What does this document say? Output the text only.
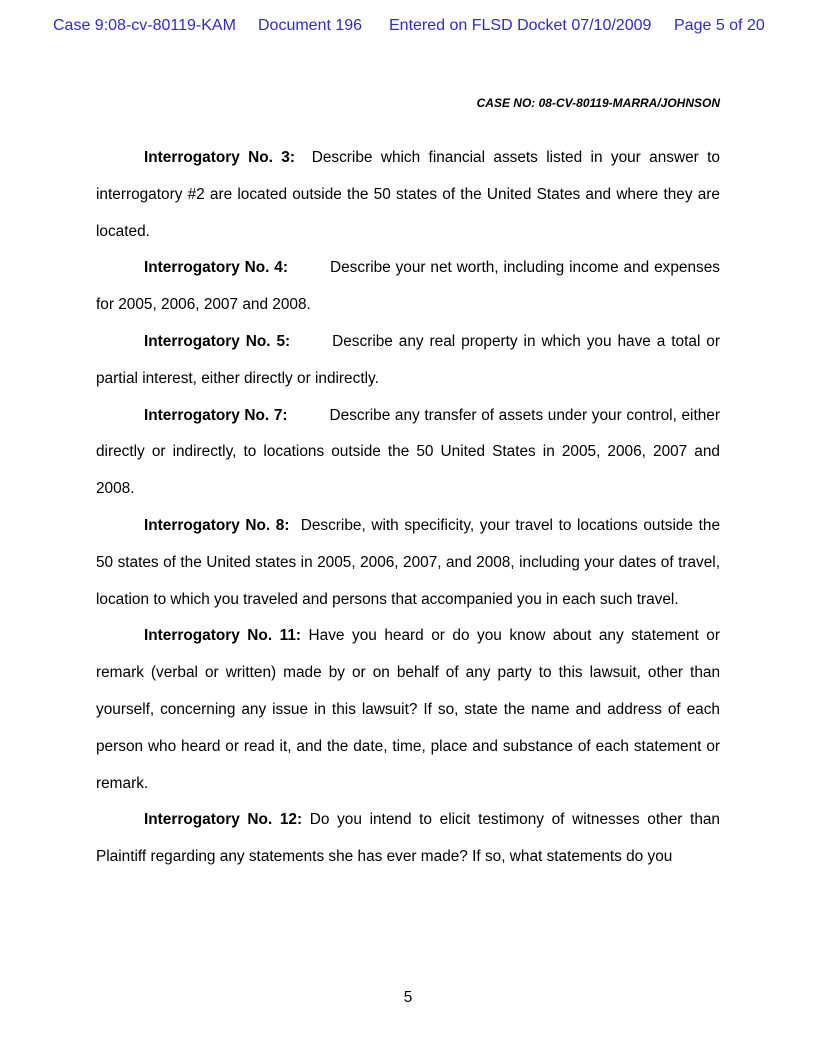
Case 9:08-cv-80119-KAM Document 196 Entered on FLSD Docket 07/10/2009 Page 5 of 20
CASE NO: 08-CV-80119-MARRA/JOHNSON

Interrogatory No. 3: Describe which financial assets listed in your answer to interrogatory #2 are located outside the 50 states of the United States and where they are located.

Interrogatory No. 4:	Describe your net worth, including income and expenses for 2005, 2006, 2007 and 2008.

Interrogatory No. 5:	Describe any real property in which you have a total or partial interest, either directly or indirectly.

Interrogatory No. 7:	Describe any transfer of assets under your control, either directly or indirectly, to locations outside the 50 United States in 2005, 2006, 2007 and 2008.

Interrogatory No. 8: Describe, with specificity, your travel to locations outside the 50 states of the United states in 2005, 2006, 2007, and 2008, including your dates of travel, location to which you traveled and persons that accompanied you in each such travel.

Interrogatory No. 11: Have you heard or do you know about any statement or remark (verbal or written) made by or on behalf of any party to this lawsuit, other than yourself, concerning any issue in this lawsuit? If so, state the name and address of each person who heard or read it, and the date, time, place and substance of each statement or remark.

Interrogatory No. 12: Do you intend to elicit testimony of witnesses other than Plaintiff regarding any statements she has ever made? If so, what statements do you

5
